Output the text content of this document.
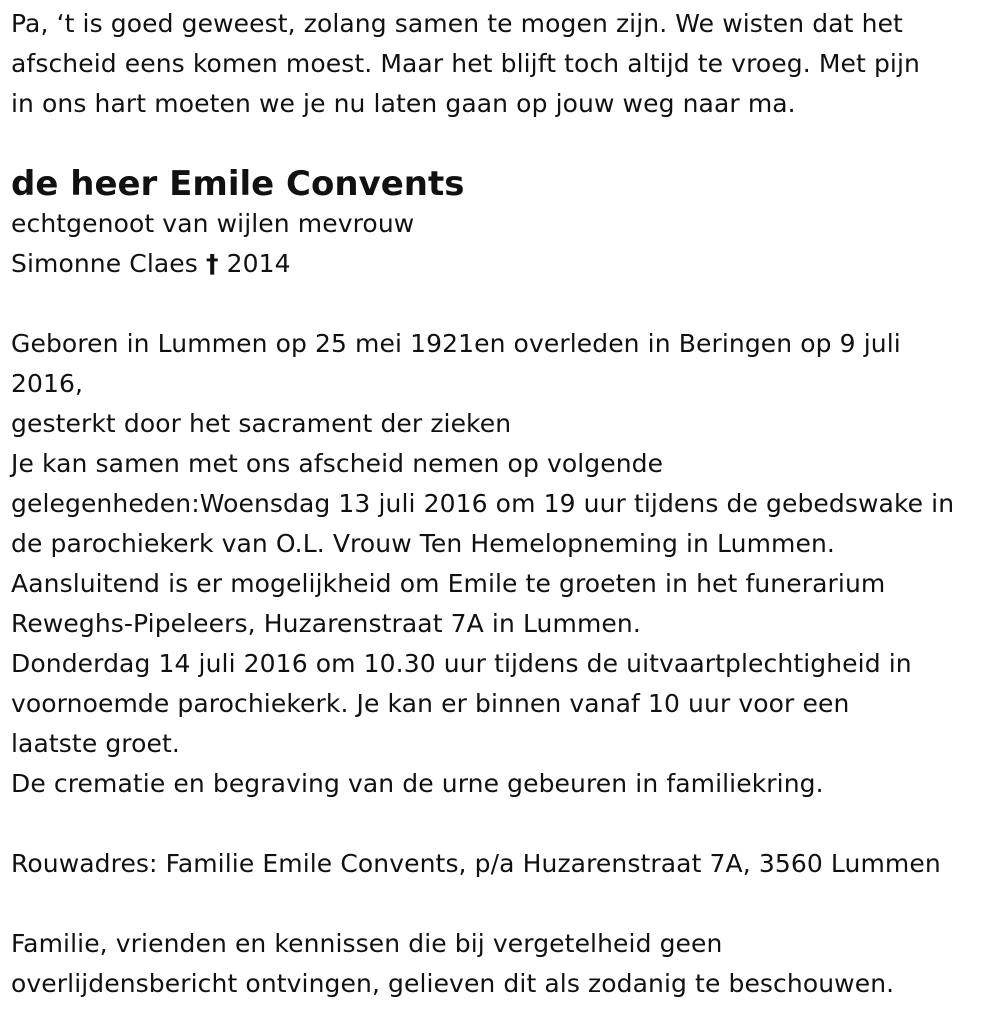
Pa, ‘t is goed geweest, zolang samen te mogen zijn. We wisten dat het
afscheid eens komen moest. Maar het blijft toch altijd te vroeg. Met pijn
in ons hart moeten we je nu laten gaan op jouw weg naar ma.
de heer Emile Convents
echtgenoot van wijlen mevrouw
Simonne Claes † 2014
Geboren in Lummen op 25 mei 1921en overleden in Beringen op 9 juli
2016,
gesterkt door het sacrament der zieken
Je kan samen met ons afscheid nemen op volgende
gelegenheden:Woensdag 13 juli 2016 om 19 uur tijdens de gebedswake in
de parochiekerk van O.L. Vrouw Ten Hemelopneming in Lummen.
Aansluitend is er mogelijkheid om Emile te groeten in het funerarium
Reweghs-Pipeleers, Huzarenstraat 7A in Lummen.
Donderdag 14 juli 2016 om 10.30 uur tijdens de uitvaartplechtigheid in
voornoemde parochiekerk. Je kan er binnen vanaf 10 uur voor een
laatste groet.
De crematie en begraving van de urne gebeuren in familiekring.
Rouwadres: Familie Emile Convents, p/a Huzarenstraat 7A, 3560 Lummen
Familie, vrienden en kennissen die bij vergetelheid geen
overlijdensbericht ontvingen, gelieven dit als zodanig te beschouwen.
